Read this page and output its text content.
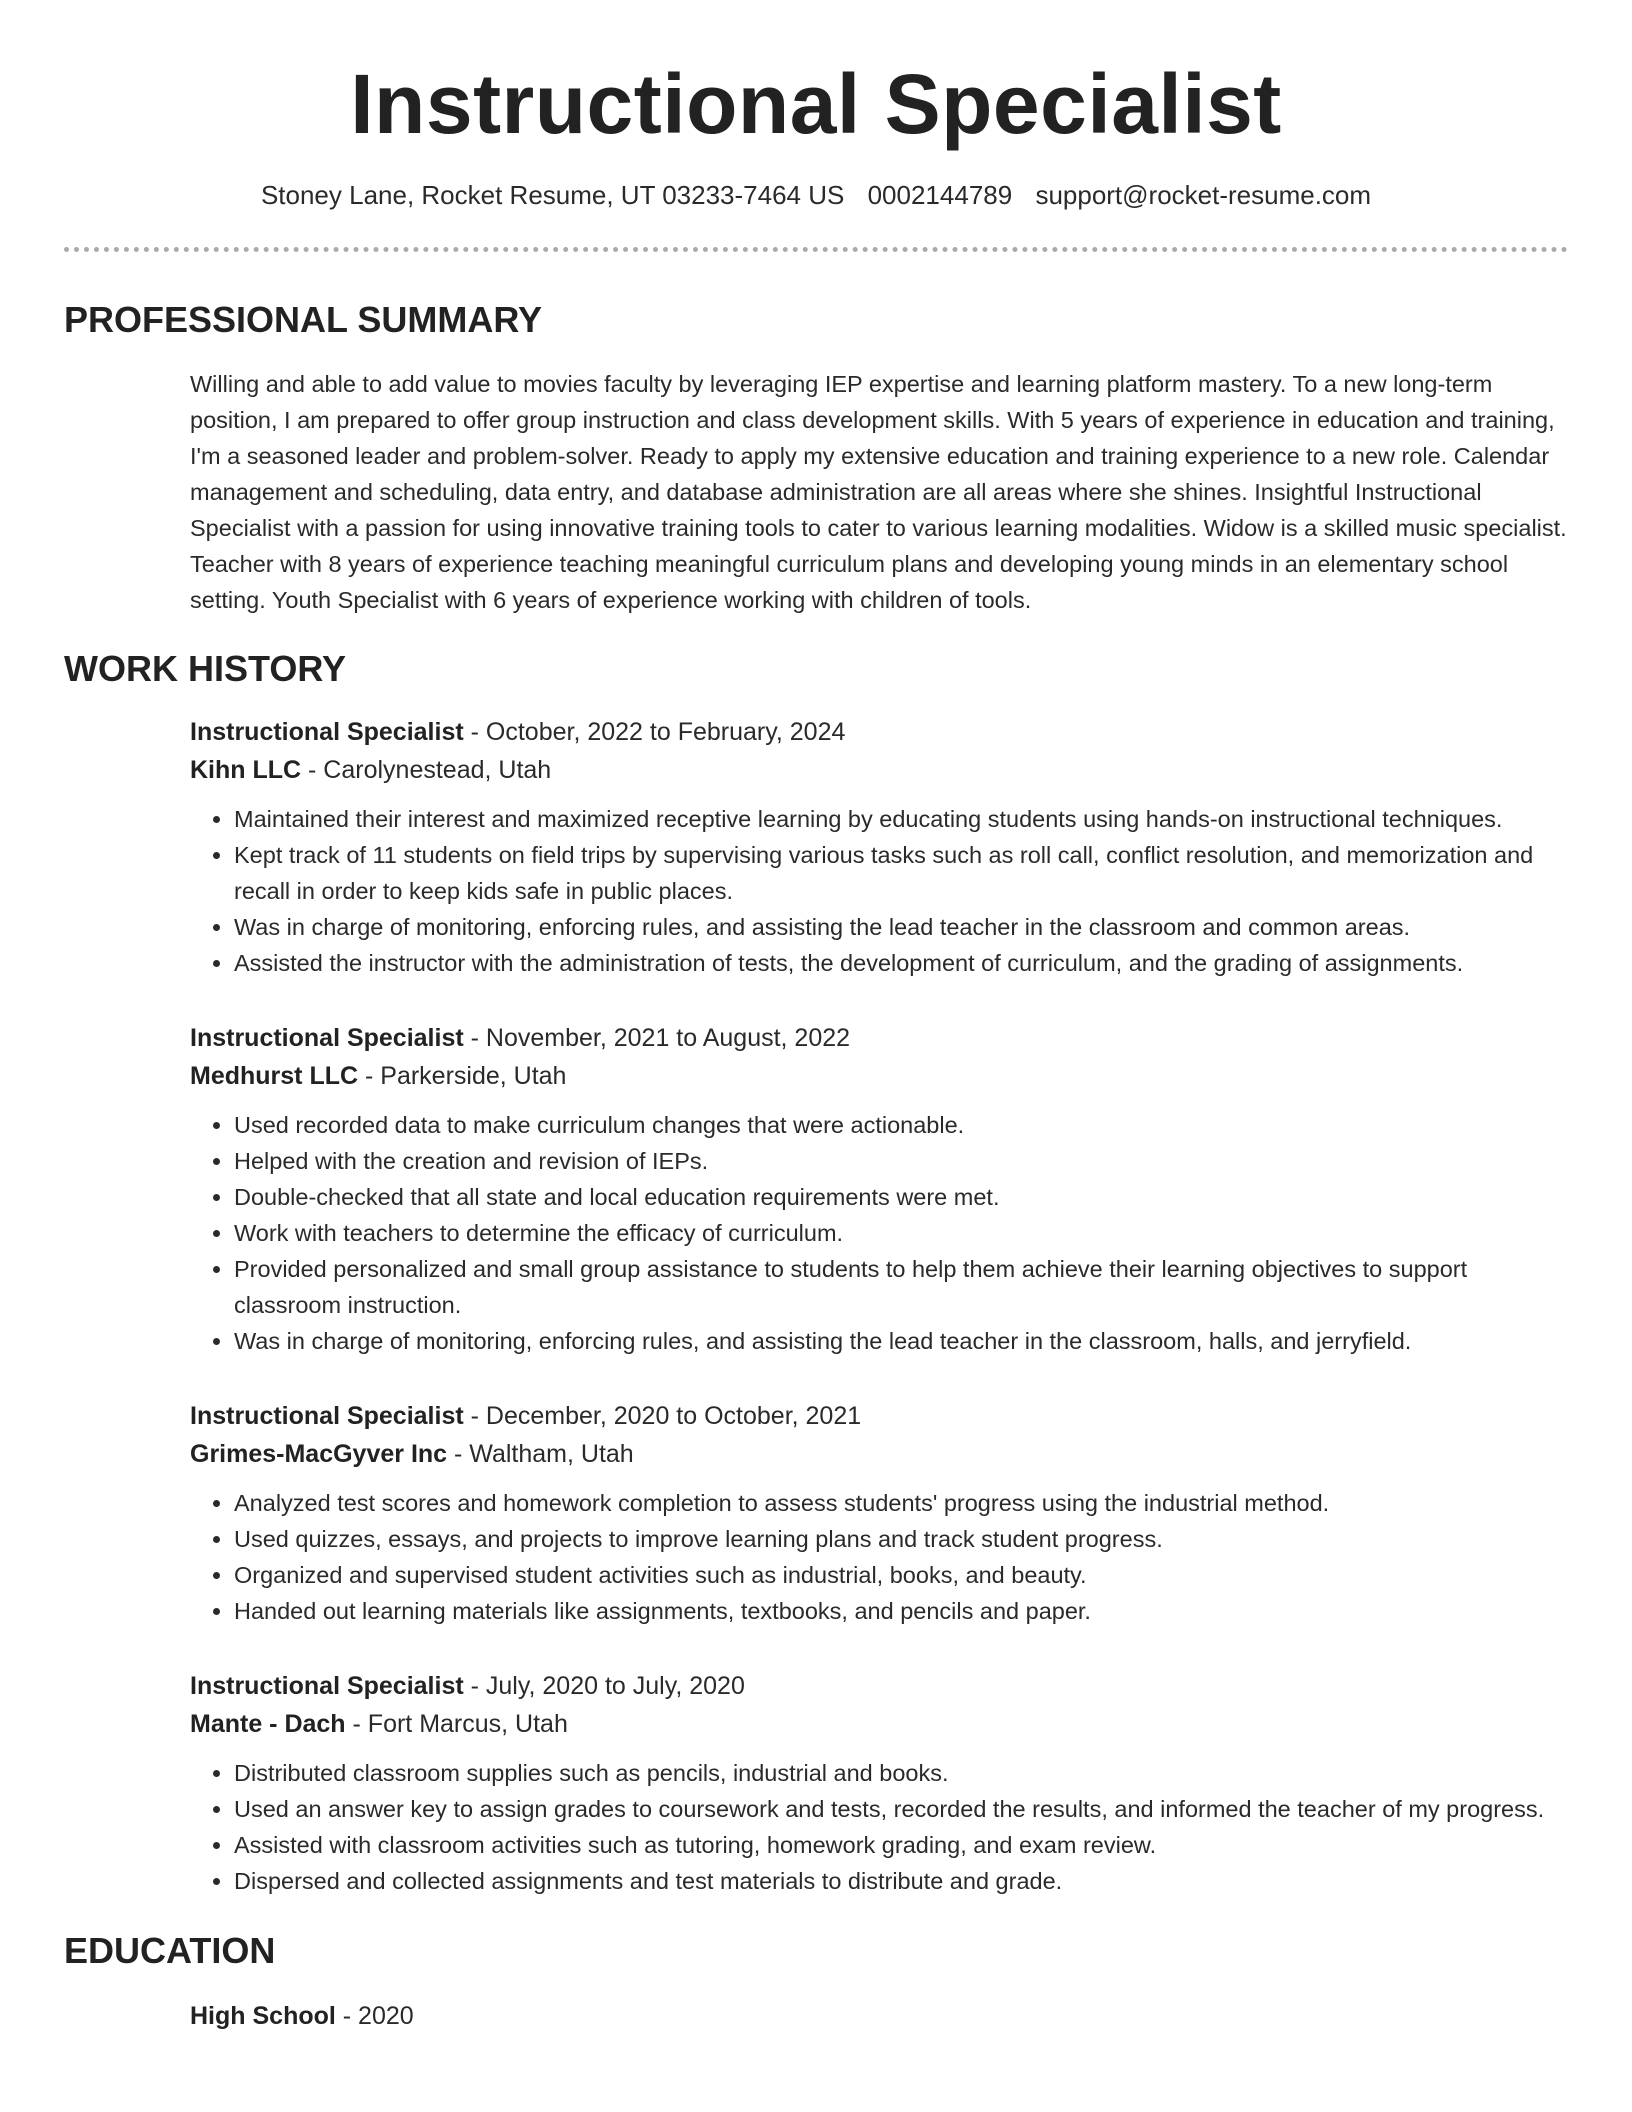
Instructional Specialist
Stoney Lane, Rocket Resume, UT 03233-7464 US 0002144789 support@rocket-resume.com
PROFESSIONAL SUMMARY

Willing and able to add value to movies faculty by leveraging IEP expertise and learning platform mastery. To a new long-term position, I am prepared to offer group instruction and class development skills. With 5 years of experience in education and training, I'm a seasoned leader and problem-solver. Ready to apply my extensive education and training experience to a new role. Calendar management and scheduling, data entry, and database administration are all areas where she shines. Insightful Instructional Specialist with a passion for using innovative training tools to cater to various learning modalities. Widow is a skilled music specialist. Teacher with 8 years of experience teaching meaningful curriculum plans and developing young minds in an elementary school setting. Youth Specialist with 6 years of experience working with children of tools.

WORK HISTORY
Instructional Specialist - October, 2022 to February, 2024
Kihn LLC - Carolynestead, Utah
• Maintained their interest and maximized receptive learning by educating students using hands-on instructional techniques.
• Kept track of 11 students on field trips by supervising various tasks such as roll call, conflict resolution, and memorization and recall in order to keep kids safe in public places.
• Was in charge of monitoring, enforcing rules, and assisting the lead teacher in the classroom and common areas.
• Assisted the instructor with the administration of tests, the development of curriculum, and the grading of assignments.
Instructional Specialist - November, 2021 to August, 2022
Medhurst LLC - Parkerside, Utah
• Used recorded data to make curriculum changes that were actionable.
• Helped with the creation and revision of IEPs.
• Double-checked that all state and local education requirements were met.
• Work with teachers to determine the efficacy of curriculum.
• Provided personalized and small group assistance to students to help them achieve their learning objectives to support classroom instruction.
• Was in charge of monitoring, enforcing rules, and assisting the lead teacher in the classroom, halls, and jerryfield.
Instructional Specialist - December, 2020 to October, 2021
Grimes-MacGyver Inc - Waltham, Utah
• Analyzed test scores and homework completion to assess students' progress using the industrial method.
• Used quizzes, essays, and projects to improve learning plans and track student progress.
• Organized and supervised student activities such as industrial, books, and beauty.
• Handed out learning materials like assignments, textbooks, and pencils and paper.
Instructional Specialist - July, 2020 to July, 2020
Mante - Dach - Fort Marcus, Utah
• Distributed classroom supplies such as pencils, industrial and books.
• Used an answer key to assign grades to coursework and tests, recorded the results, and informed the teacher of my progress.
• Assisted with classroom activities such as tutoring, homework grading, and exam review.
• Dispersed and collected assignments and test materials to distribute and grade.
EDUCATION
High School - 2020
